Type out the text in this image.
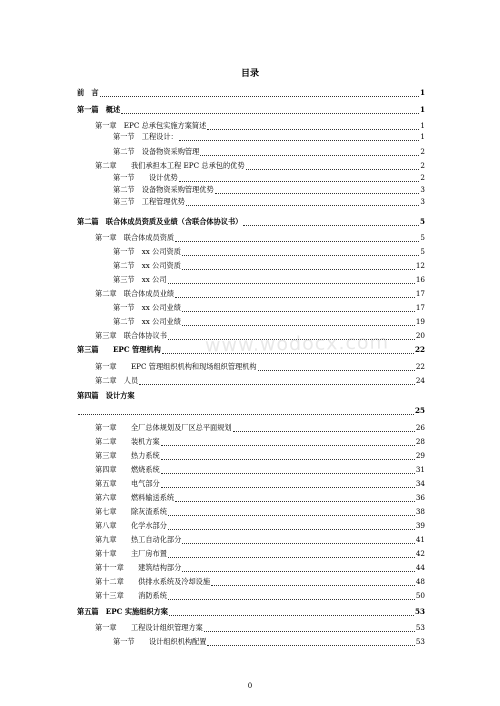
目录
前　言	1
第一篇　概述	1
第一章　EPC 总承包实施方案简述	1
第一节　工程设计：	1
第二节　设备物资采购管理	2
第二章　　我们承担本工程 EPC 总承包的优势	2
第一节　　设计优势	2
第二节　设备物资采购管理优势	3
第三节　工程管理优势	3
第二篇　联合体成员资质及业绩（含联合体协议书）	5
第一章　联合体成员资质	5
第一节　xx 公司资质	5
第二节　xx 公司资质	12
第三节　xx 公司	16
第二章　联合体成员业绩	17
第一节　xx 公司业绩	17
第二节　xx 公司业绩	19
第三章　联合体协议书	20
第三篇　　EPC 管理机构	22
第一章　　EPC 管理组织机构和现场组织管理机构	22
第二章　人员	24
第四篇　设计方案
25
第一章　　全厂总体规划及厂区总平面规划	26
第二章　　装机方案	28
第三章　　热力系统	29
第四章　　燃烧系统	31
第五章　　电气部分	34
第六章　　燃料输送系统	36
第七章　　除灰渣系统	38
第八章　　化学水部分	39
第九章　　热工自动化部分	41
第十章　　主厂房布置	42
第十一章　　建筑结构部分	44
第十二章　　供排水系统及冷却设施	48
第十三章　　消防系统	50
第五篇　EPC 实施组织方案	53
第一章　　工程设计组织管理方案	53
第一节　　设计组织机构配置	53
www.wodocx.com
0
